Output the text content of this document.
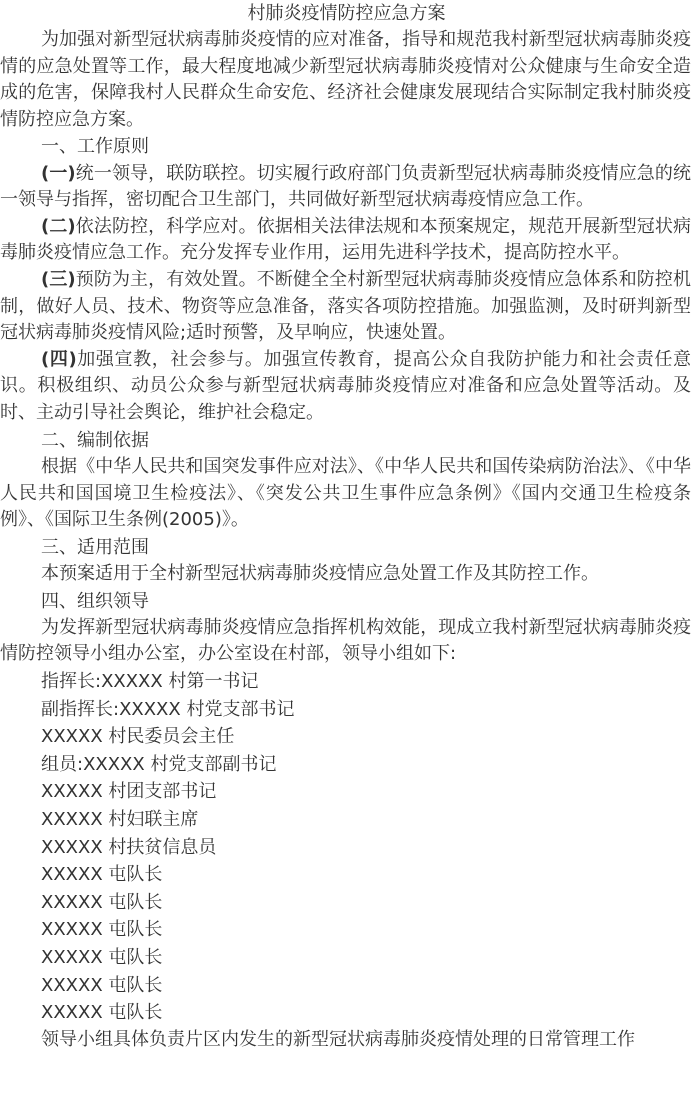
村肺炎疫情防控应急方案

为加强对新型冠状病毒肺炎疫情的应对准备，指导和规范我村新型冠状病毒肺炎疫情的应急处置等工作，最大程度地减少新型冠状病毒肺炎疫情对公众健康与生命安全造成的危害，保障我村人民群众生命安危、经济社会健康发展现结合实际制定我村肺炎疫情防控应急方案。

一、工作原则

(一)统一领导，联防联控。切实履行政府部门负责新型冠状病毒肺炎疫情应急的统一领导与指挥，密切配合卫生部门，共同做好新型冠状病毒疫情应急工作。

(二)依法防控，科学应对。依据相关法律法规和本预案规定，规范开展新型冠状病毒肺炎疫情应急工作。充分发挥专业作用，运用先进科学技术，提高防控水平。

(三)预防为主，有效处置。不断健全全村新型冠状病毒肺炎疫情应急体系和防控机制，做好人员、技术、物资等应急准备，落实各项防控措施。加强监测，及时研判新型冠状病毒肺炎疫情风险;适时预警，及早响应，快速处置。

(四)加强宣教，社会参与。加强宣传教育，提高公众自我防护能力和社会责任意识。积极组织、动员公众参与新型冠状病毒肺炎疫情应对准备和应急处置等活动。及时、主动引导社会舆论，维护社会稳定。

二、编制依据

根据《中华人民共和国突发事件应对法》、《中华人民共和国传染病防治法》、《中华人民共和国国境卫生检疫法》、《突发公共卫生事件应急条例》《国内交通卫生检疫条例》、《国际卫生条例(2005)》。

三、适用范围

本预案适用于全村新型冠状病毒肺炎疫情应急处置工作及其防控工作。

四、组织领导

为发挥新型冠状病毒肺炎疫情应急指挥机构效能，现成立我村新型冠状病毒肺炎疫情防控领导小组办公室，办公室设在村部，领导小组如下:

指挥长:XXXXX 村第一书记
副指挥长:XXXXX 村党支部书记
XXXXX 村民委员会主任
组员:XXXXX 村党支部副书记
XXXXX 村团支部书记
XXXXX 村妇联主席
XXXXX 村扶贫信息员
XXXXX 屯队长
XXXXX 屯队长
XXXXX 屯队长
XXXXX 屯队长
XXXXX 屯队长
XXXXX 屯队长

领导小组具体负责片区内发生的新型冠状病毒肺炎疫情处理的日常管理工作
